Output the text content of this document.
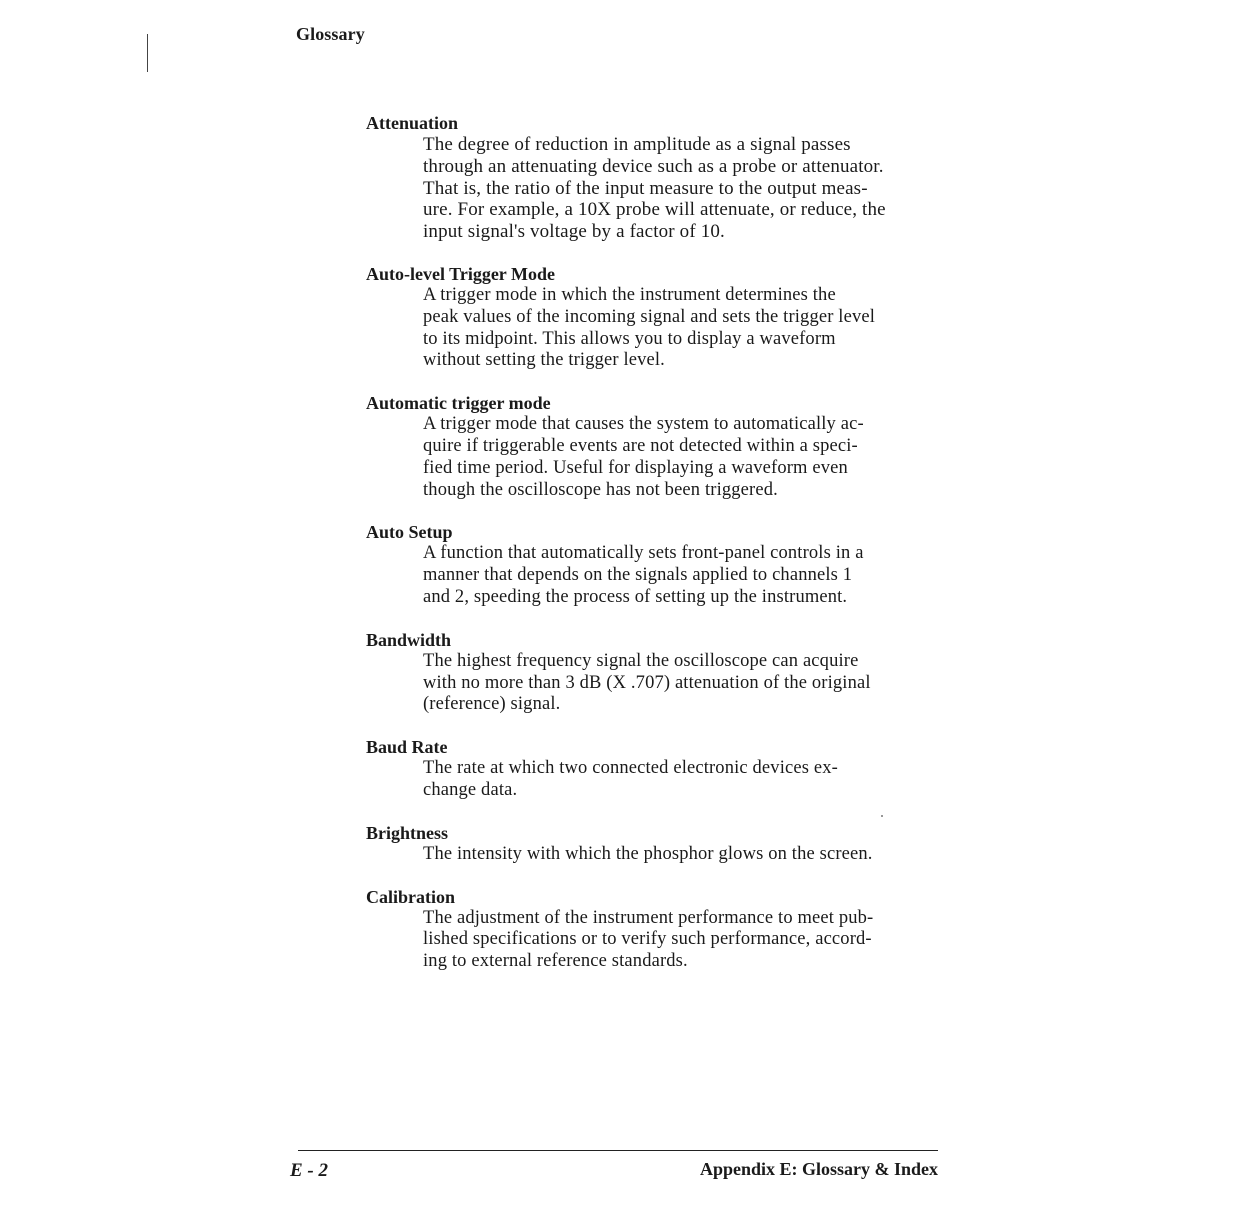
Glossary

Attenuation

The degree of reduction in amplitude as a signal passes
through an attenuating device such as a probe or attenuator.
That is, the ratio of the input measure to the output meas-
ure. For example, a 10X probe will attenuate, or reduce, the
input signal's voltage by a factor of 10.

Auto-level Trigger Mode

A trigger mode in which the instrument determines the
peak values of the incoming signal and sets the trigger level
to its midpoint. This allows you to display a waveform
without setting the trigger level.

Automatic trigger mode

A trigger mode that causes the system to automatically ac-
quire if triggerable events are not detected within a speci-
fied time period. Useful for displaying a waveform even
though the oscilloscope has not been triggered.

Auto Setup

A function that automatically sets front-panel controls in a
manner that depends on the signals applied to channels 1
and 2, speeding the process of setting up the instrument.

Bandwidth

The highest frequency signal the oscilloscope can acquire
with no more than 3 dB (X .707) attenuation of the original
(reference) signal.

Baud Rate

The rate at which two connected electronic devices ex-
change data.

Brightness

The intensity with which the phosphor glows on the screen.

Calibration

The adjustment of the instrument performance to meet pub-
lished specifications or to verify such performance, accord-
ing to external reference standards.

E - 2	Appendix E: Glossary & Index
